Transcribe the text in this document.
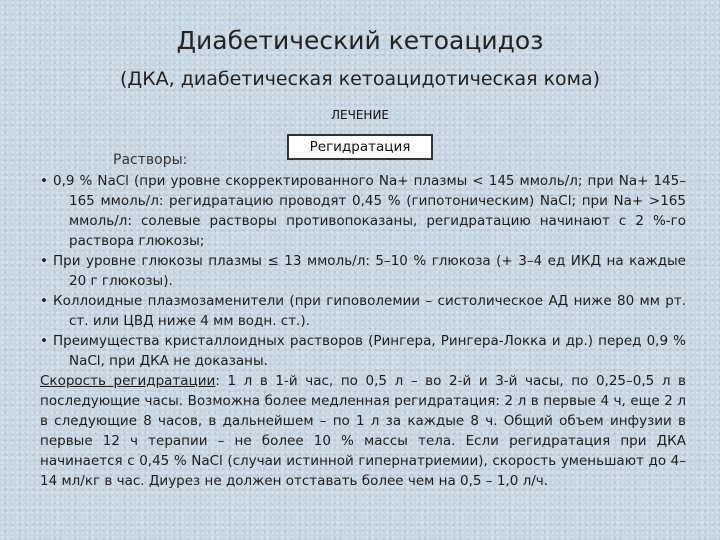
Диабетический кетоацидоз
(ДКА, диабетическая кетоацидотическая кома)
ЛЕЧЕНИЕ
Регидратация
Растворы:

• 0,9 % NaCl (при уровне скорректированного Na+ плазмы < 145 ммоль/л; при Na+ 145–165 ммоль/л: регидратацию проводят 0,45 % (гипотоническим) NaCl; при Na+ >165 ммоль/л: солевые растворы противопоказаны, регидратацию начинают с 2 %-го раствора глюкозы;

• При уровне глюкозы плазмы ≤ 13 ммоль/л: 5–10 % глюкоза (+ 3–4 ед ИКД на каждые 20 г глюкозы).

• Коллоидные плазмозаменители (при гиповолемии – систолическое АД ниже 80 мм рт. ст. или ЦВД ниже 4 мм водн. ст.).

• Преимущества кристаллоидных растворов (Рингера, Рингера-Локка и др.) перед 0,9 % NaCl, при ДКА не доказаны.

Скорость регидратации: 1 л в 1-й час, по 0,5 л – во 2-й и 3-й часы, по 0,25–0,5 л в последующие часы. Возможна более медленная регидратация: 2 л в первые 4 ч, еще 2 л в следующие 8 часов, в дальнейшем – по 1 л за каждые 8 ч. Общий объем инфузии в первые 12 ч терапии – не более 10 % массы тела. Если регидратация при ДКА начинается с 0,45 % NaCl (случаи истинной гипернатриемии), скорость уменьшают до 4–14 мл/кг в час. Диурез не должен отставать более чем на 0,5 – 1,0 л/ч.
